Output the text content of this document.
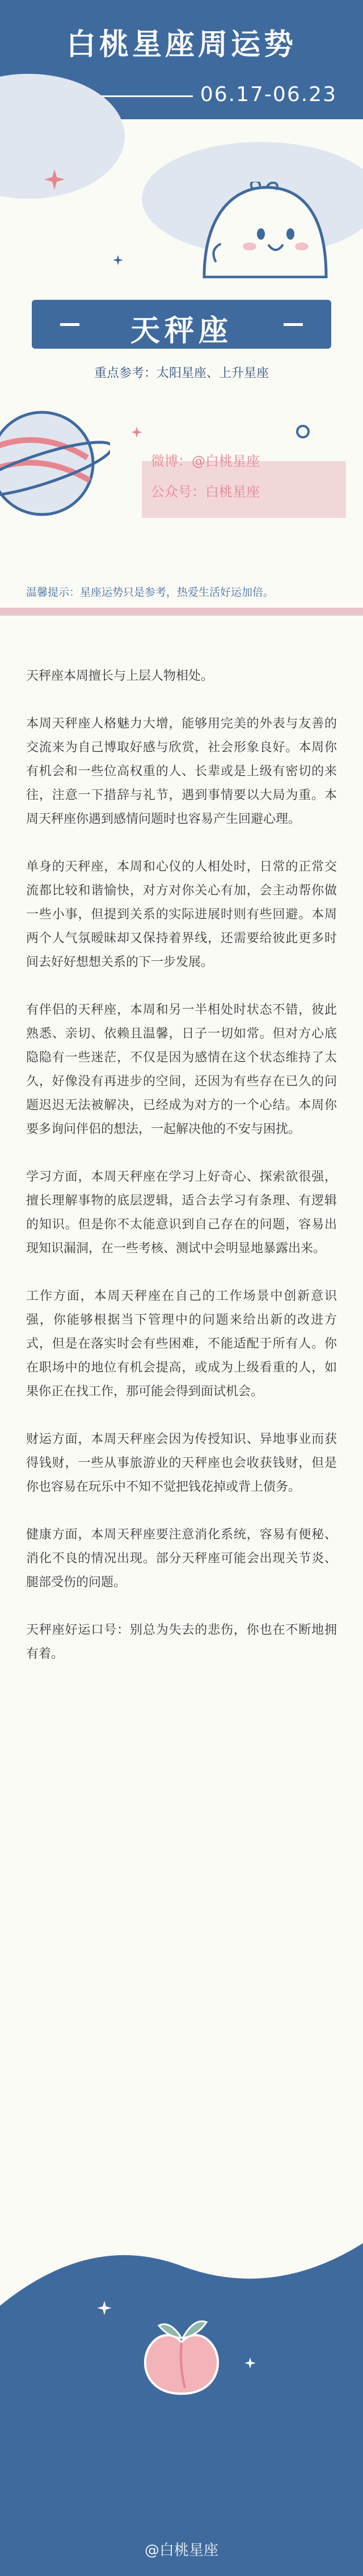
白桃星座周运势
06.17-06.23
天秤座
重点参考：太阳星座、上升星座

微博：@白桃星座

公众号：白桃星座

温馨提示：星座运势只是参考，热爱生活好运加倍。

天秤座本周擅长与上层人物相处。

本周天秤座人格魅力大增，能够用完美的外表与友善的交流来为自己博取好感与欣赏，社会形象良好。本周你有机会和一些位高权重的人、长辈或是上级有密切的来往，注意一下措辞与礼节，遇到事情要以大局为重。本周天秤座你遇到感情问题时也容易产生回避心理。

单身的天秤座，本周和心仪的人相处时，日常的正常交流都比较和谐愉快，对方对你关心有加，会主动帮你做一些小事，但提到关系的实际进展时则有些回避。本周两个人气氛暧昧却又保持着界线，还需要给彼此更多时间去好好想想关系的下一步发展。

有伴侣的天秤座，本周和另一半相处时状态不错，彼此熟悉、亲切、依赖且温馨，日子一切如常。但对方心底隐隐有一些迷茫，不仅是因为感情在这个状态维持了太久，好像没有再进步的空间，还因为有些存在已久的问题迟迟无法被解决，已经成为对方的一个心结。本周你要多询问伴侣的想法，一起解决他的不安与困扰。

学习方面，本周天秤座在学习上好奇心、探索欲很强，擅长理解事物的底层逻辑，适合去学习有条理、有逻辑的知识。但是你不太能意识到自己存在的问题，容易出现知识漏洞，在一些考核、测试中会明显地暴露出来。

工作方面，本周天秤座在自己的工作场景中创新意识强，你能够根据当下管理中的问题来给出新的改进方式，但是在落实时会有些困难，不能适配于所有人。你在职场中的地位有机会提高，或成为上级看重的人，如果你正在找工作，那可能会得到面试机会。

财运方面，本周天秤座会因为传授知识、异地事业而获得钱财，一些从事旅游业的天秤座也会收获钱财，但是你也容易在玩乐中不知不觉把钱花掉或背上债务。

健康方面，本周天秤座要注意消化系统，容易有便秘、消化不良的情况出现。部分天秤座可能会出现关节炎、腿部受伤的问题。

天秤座好运口号：别总为失去的悲伤，你也在不断地拥有着。

@白桃星座
